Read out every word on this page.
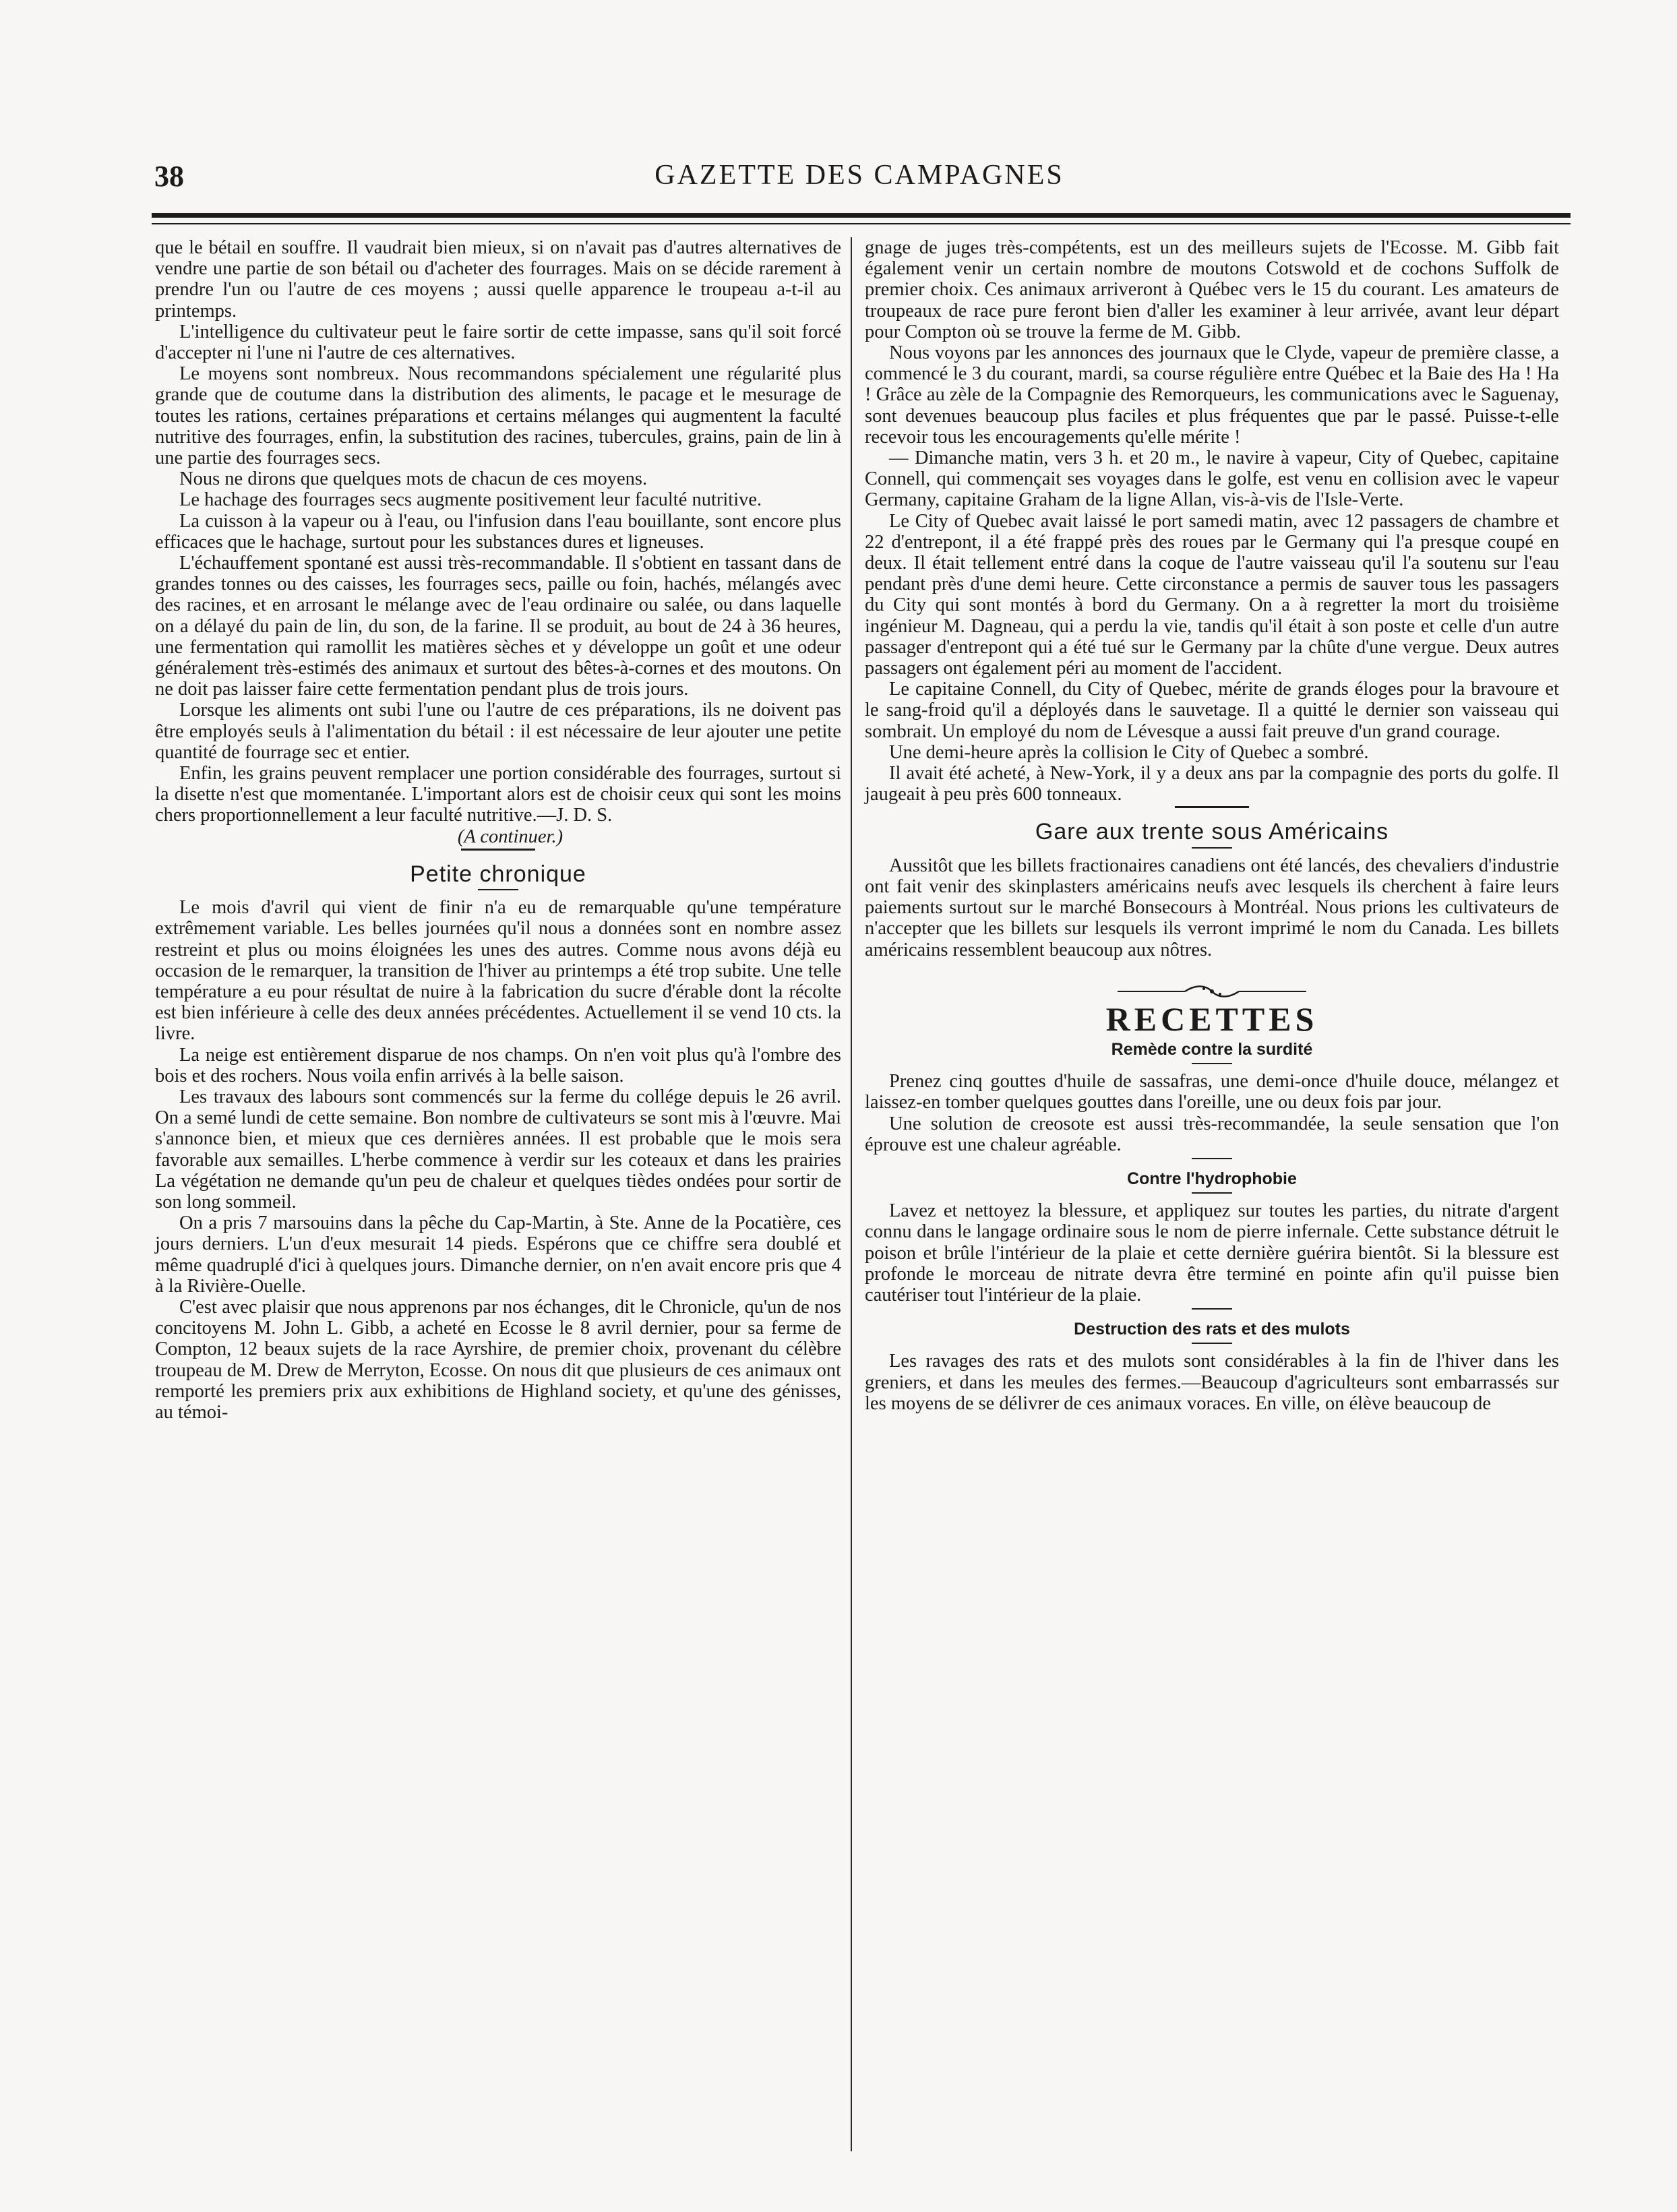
38	GAZETTE DES CAMPAGNES

que le bétail en souffre. Il vaudrait bien mieux, si on n'avait pas d'autres alternatives de vendre une partie de son bétail ou d'acheter des fourrages. Mais on se décide rarement à prendre l'un ou l'autre de ces moyens ; aussi quelle apparence le troupeau a-t-il au printemps.

L'intelligence du cultivateur peut le faire sortir de cette impasse, sans qu'il soit forcé d'accepter ni l'une ni l'autre de ces alternatives.

Le moyens sont nombreux. Nous recommandons spécialement une régularité plus grande que de coutume dans la distribution des aliments, le pacage et le mesurage de toutes les rations, certaines préparations et certains mélanges qui augmentent la faculté nutritive des fourrages, enfin, la substitution des racines, tubercules, grains, pain de lin à une partie des fourrages secs.

Nous ne dirons que quelques mots de chacun de ces moyens.

Le hachage des fourrages secs augmente positivement leur faculté nutritive.

La cuisson à la vapeur ou à l'eau, ou l'infusion dans l'eau bouillante, sont encore plus efficaces que le hachage, surtout pour les substances dures et ligneuses.

L'échauffement spontané est aussi très-recommandable. Il s'obtient en tassant dans de grandes tonnes ou des caisses, les fourrages secs, paille ou foin, hachés, mélangés avec des racines, et en arrosant le mélange avec de l'eau ordinaire ou salée, ou dans laquelle on a délayé du pain de lin, du son, de la farine. Il se produit, au bout de 24 à 36 heures, une fermentation qui ramollit les matières sèches et y développe un goût et une odeur généralement très-estimés des animaux et surtout des bêtes-à-cornes et des moutons. On ne doit pas laisser faire cette fermentation pendant plus de trois jours.

Lorsque les aliments ont subi l'une ou l'autre de ces préparations, ils ne doivent pas être employés seuls à l'alimentation du bétail : il est nécessaire de leur ajouter une petite quantité de fourrage sec et entier.

Enfin, les grains peuvent remplacer une portion considérable des fourrages, surtout si la disette n'est que momentanée. L'important alors est de choisir ceux qui sont les moins chers proportionnellement a leur faculté nutritive.—J. D. S.

(A continuer.)

Petite chronique

Le mois d'avril qui vient de finir n'a eu de remarquable qu'une température extrêmement variable. Les belles journées qu'il nous a données sont en nombre assez restreint et plus ou moins éloignées les unes des autres. Comme nous avons déjà eu occasion de le remarquer, la transition de l'hiver au printemps a été trop subite. Une telle température a eu pour résultat de nuire à la fabrication du sucre d'érable dont la récolte est bien inférieure à celle des deux années précédentes. Actuellement il se vend 10 cts. la livre.

La neige est entièrement disparue de nos champs. On n'en voit plus qu'à l'ombre des bois et des rochers. Nous voila enfin arrivés à la belle saison.

Les travaux des labours sont commencés sur la ferme du collége depuis le 26 avril. On a semé lundi de cette semaine. Bon nombre de cultivateurs se sont mis à l'œuvre. Mai s'annonce bien, et mieux que ces dernières années. Il est probable que le mois sera favorable aux semailles. L'herbe commence à verdir sur les coteaux et dans les prairies La végétation ne demande qu'un peu de chaleur et quelques tièdes ondées pour sortir de son long sommeil.

On a pris 7 marsouins dans la pêche du Cap-Martin, à Ste. Anne de la Pocatière, ces jours derniers. L'un d'eux mesurait 14 pieds. Espérons que ce chiffre sera doublé et même quadruplé d'ici à quelques jours. Dimanche dernier, on n'en avait encore pris que 4 à la Rivière-Ouelle.

C'est avec plaisir que nous apprenons par nos échanges, dit le Chronicle, qu'un de nos concitoyens M. John L. Gibb, a acheté en Ecosse le 8 avril dernier, pour sa ferme de Compton, 12 beaux sujets de la race Ayrshire, de premier choix, provenant du célèbre troupeau de M. Drew de Merryton, Ecosse. On nous dit que plusieurs de ces animaux ont remporté les premiers prix aux exhibitions de Highland society, et qu'une des génisses, au témoi-

gnage de juges très-compétents, est un des meilleurs sujets de l'Ecosse. M. Gibb fait également venir un certain nombre de moutons Cotswold et de cochons Suffolk de premier choix. Ces animaux arriveront à Québec vers le 15 du courant. Les amateurs de troupeaux de race pure feront bien d'aller les examiner à leur arrivée, avant leur départ pour Compton où se trouve la ferme de M. Gibb.

Nous voyons par les annonces des journaux que le Clyde, vapeur de première classe, a commencé le 3 du courant, mardi, sa course régulière entre Québec et la Baie des Ha ! Ha ! Grâce au zèle de la Compagnie des Remorqueurs, les communications avec le Saguenay, sont devenues beaucoup plus faciles et plus fréquentes que par le passé. Puisse-t-elle recevoir tous les encouragements qu'elle mérite !

— Dimanche matin, vers 3 h. et 20 m., le navire à vapeur, City of Quebec, capitaine Connell, qui commençait ses voyages dans le golfe, est venu en collision avec le vapeur Germany, capitaine Graham de la ligne Allan, vis-à-vis de l'Isle-Verte.

Le City of Quebec avait laissé le port samedi matin, avec 12 passagers de chambre et 22 d'entrepont, il a été frappé près des roues par le Germany qui l'a presque coupé en deux. Il était tellement entré dans la coque de l'autre vaisseau qu'il l'a soutenu sur l'eau pendant près d'une demi heure. Cette circonstance a permis de sauver tous les passagers du City qui sont montés à bord du Germany. On a à regretter la mort du troisième ingénieur M. Dagneau, qui a perdu la vie, tandis qu'il était à son poste et celle d'un autre passager d'entrepont qui a été tué sur le Germany par la chûte d'une vergue. Deux autres passagers ont également péri au moment de l'accident.

Le capitaine Connell, du City of Quebec, mérite de grands éloges pour la bravoure et le sang-froid qu'il a déployés dans le sauvetage. Il a quitté le dernier son vaisseau qui sombrait. Un employé du nom de Lévesque a aussi fait preuve d'un grand courage.

Une demi-heure après la collision le City of Quebec a sombré.

Il avait été acheté, à New-York, il y a deux ans par la compagnie des ports du golfe. Il jaugeait à peu près 600 tonneaux.

Gare aux trente sous Américains

Aussitôt que les billets fractionaires canadiens ont été lancés, des chevaliers d'industrie ont fait venir des skinplasters américains neufs avec lesquels ils cherchent à faire leurs paiements surtout sur le marché Bonsecours à Montréal. Nous prions les cultivateurs de n'accepter que les billets sur lesquels ils verront imprimé le nom du Canada. Les billets américains ressemblent beaucoup aux nôtres.

RECETTES
Remède contre la surdité

Prenez cinq gouttes d'huile de sassafras, une demi-once d'huile douce, mélangez et laissez-en tomber quelques gouttes dans l'oreille, une ou deux fois par jour.

Une solution de creosote est aussi très-recommandée, la seule sensation que l'on éprouve est une chaleur agréable.

Contre l'hydrophobie

Lavez et nettoyez la blessure, et appliquez sur toutes les parties, du nitrate d'argent connu dans le langage ordinaire sous le nom de pierre infernale. Cette substance détruit le poison et brûle l'intérieur de la plaie et cette dernière guérira bientôt. Si la blessure est profonde le morceau de nitrate devra être terminé en pointe afin qu'il puisse bien cautériser tout l'intérieur de la plaie.

Destruction des rats et des mulots

Les ravages des rats et des mulots sont considérables à la fin de l'hiver dans les greniers, et dans les meules des fermes.—Beaucoup d'agriculteurs sont embarrassés sur les moyens de se délivrer de ces animaux voraces. En ville, on élève beaucoup de
